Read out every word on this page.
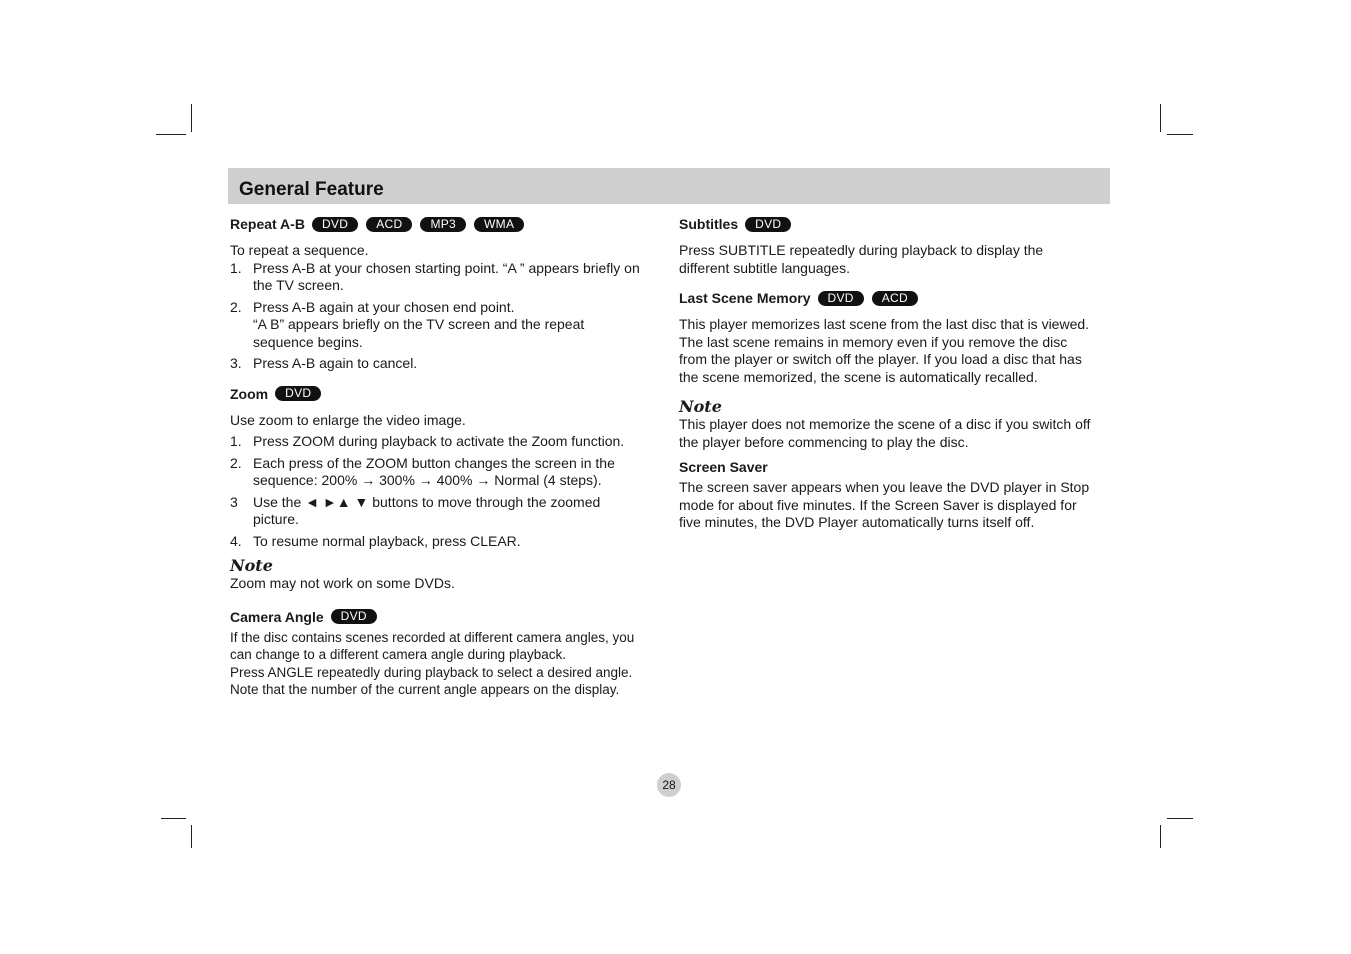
General Feature
Repeat A-B	DVD	ACD	MP3	WMA

To repeat a sequence.

1. Press A-B at your chosen starting point. “A ” appears briefly on
the TV screen.
2. Press A-B again at your chosen end point.
“A B” appears briefly on the TV screen and the repeat
sequence begins.
3. Press A-B again to cancel.
Zoom	DVD

Use zoom to enlarge the video image.

1. Press ZOOM during playback to activate the Zoom function.
2. Each press of the ZOOM button changes the screen in the
sequence: 200% → 300% → 400% → Normal (4 steps).
3 Use the ◄ ►▲ ▼ buttons to move through the zoomed
picture.
4. To resume normal playback, press CLEAR.

Note

Zoom may not work on some DVDs.

Camera Angle	DVD

If the disc contains scenes recorded at different camera angles, you
can change to a different camera angle during playback.
Press ANGLE repeatedly during playback to select a desired angle.
Note that the number of the current angle appears on the display.

Subtitles	DVD

Press SUBTITLE repeatedly during playback to display the
different subtitle languages.

Last Scene Memory	DVD	ACD

This player memorizes last scene from the last disc that is viewed.
The last scene remains in memory even if you remove the disc
from the player or switch off the player. If you load a disc that has
the scene memorized, the scene is automatically recalled.

Note

This player does not memorize the scene of a disc if you switch off
the player before commencing to play the disc.

Screen Saver

The screen saver appears when you leave the DVD player in Stop
mode for about five minutes. If the Screen Saver is displayed for
five minutes, the DVD Player automatically turns itself off.

28
